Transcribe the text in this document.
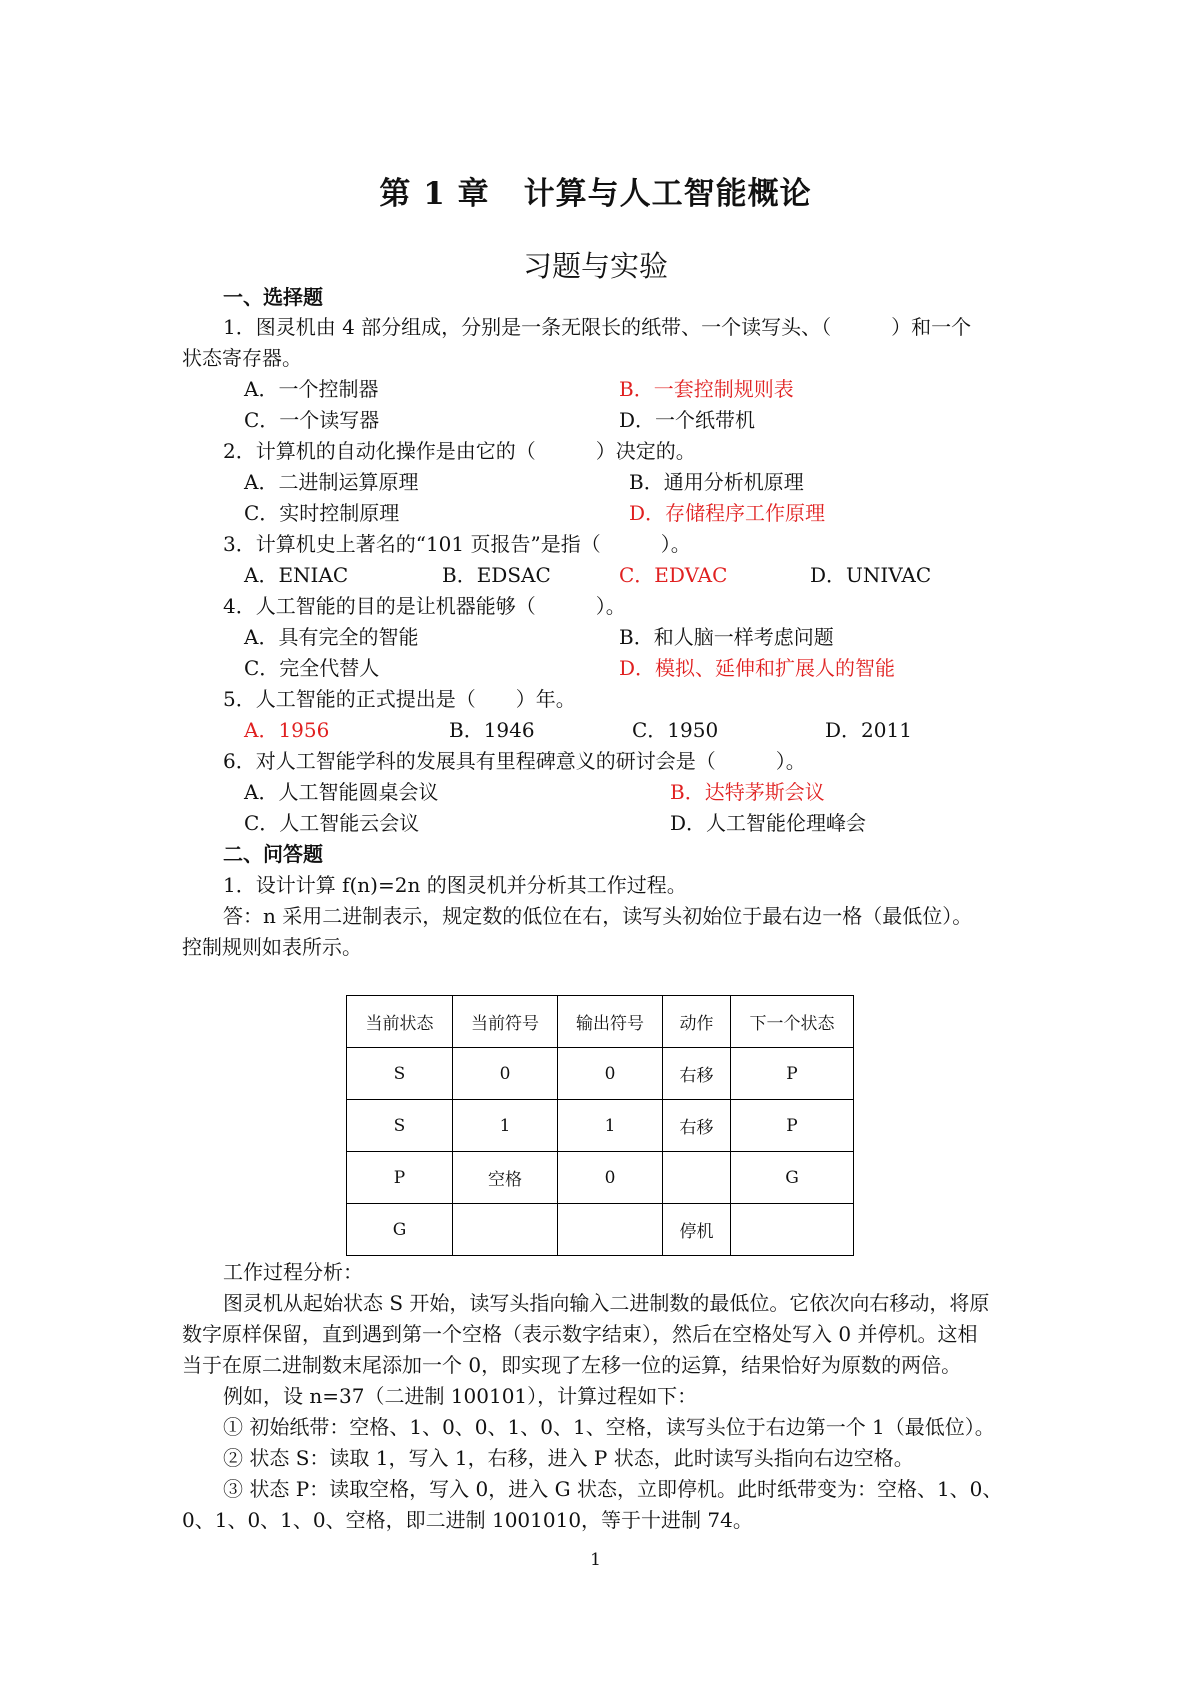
第 1 章 计算与人工智能概论
习题与实验
一、选择题
1．图灵机由 4 部分组成，分别是一条无限长的纸带、一个读写头、（　　　）和一个
状态寄存器。
A．一个控制器	B．一套控制规则表
C．一个读写器	D．一个纸带机
2．计算机的自动化操作是由它的（　　　）决定的。
A．二进制运算原理	B．通用分析机原理
C．实时控制原理	D．存储程序工作原理
3．计算机史上著名的“101 页报告”是指（　　　）。
A．ENIAC	B．EDSAC	C．EDVAC	D．UNIVAC
4．人工智能的目的是让机器能够（　　　）。
A．具有完全的智能	B．和人脑一样考虑问题
C．完全代替人	D．模拟、延伸和扩展人的智能
5．人工智能的正式提出是（　　）年。
A．1956	B．1946	C．1950	D．2011
6．对人工智能学科的发展具有里程碑意义的研讨会是（　　　）。
A．人工智能圆桌会议	B．达特茅斯会议
C．人工智能云会议	D．人工智能伦理峰会
二、问答题
1．设计计算 f(n)=2n 的图灵机并分析其工作过程。
答：n 采用二进制表示，规定数的低位在右，读写头初始位于最右边一格（最低位）。
控制规则如表所示。
当前状态	当前符号	输出符号	动作	下一个状态
S	0	0	右移	P
S	1	1	右移	P
P	空格	0		G
G			停机	
工作过程分析：
图灵机从起始状态 S 开始，读写头指向输入二进制数的最低位。它依次向右移动，将原
数字原样保留，直到遇到第一个空格（表示数字结束），然后在空格处写入 0 并停机。这相
当于在原二进制数末尾添加一个 0，即实现了左移一位的运算，结果恰好为原数的两倍。
例如，设 n=37（二进制 100101），计算过程如下：
① 初始纸带：空格、1、0、0、1、0、1、空格，读写头位于右边第一个 1（最低位）。
② 状态 S：读取 1，写入 1，右移，进入 P 状态，此时读写头指向右边空格。
③ 状态 P：读取空格，写入 0，进入 G 状态，立即停机。此时纸带变为：空格、1、0、
0、1、0、1、0、空格，即二进制 1001010，等于十进制 74。
1
